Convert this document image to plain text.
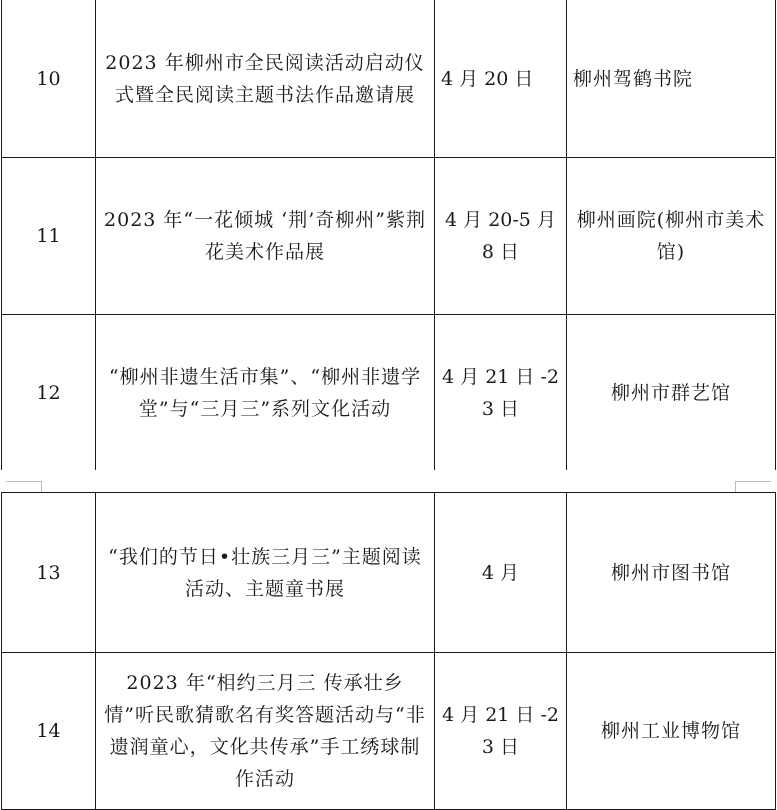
10	2023 年柳州市全民阅读活动启动仪式暨全民阅读主题书法作品邀请展	4 月 20 日	柳州驾鹤书院
11	2023 年“一花倾城 ‘荆’奇柳州”紫荆花美术作品展	4 月 20-5 月 8 日	柳州画院(柳州市美术馆)
12	“柳州非遗生活市集”、“柳州非遗学堂”与“三月三”系列文化活动	4 月 21 日 -23 日	柳州市群艺馆
13	“我们的节日•壮族三月三”主题阅读活动、主题童书展	4 月	柳州市图书馆
14	2023 年“相约三月三 传承壮乡情”听民歌猜歌名有奖答题活动与“非遗润童心，文化共传承”手工绣球制作活动	4 月 21 日 -23 日	柳州工业博物馆
